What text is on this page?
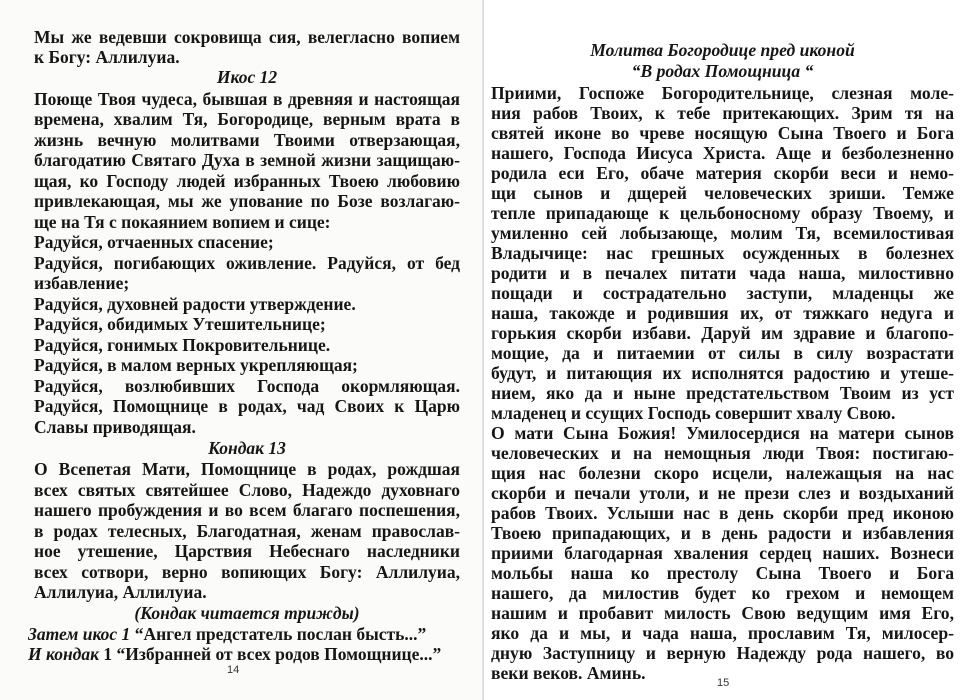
Мы же ведевши сокровища сия, велегласно вопием
к Богу: Аллилуиа.
Икос 12
Поюще Твоя чудеса, бывшая в древняя и настоящая
времена, хвалим Тя, Богородице, верным врата в
жизнь вечную молитвами Твоими отверзающая,
благодатию Святаго Духа в земной жизни защищаю-
щая, ко Господу людей избранных Твоею любовию
привлекающая, мы же упование по Бозе возлагаю-
ще на Тя с покаянием вопием и сице:
Радуйся, отчаенных спасение;
Радуйся, погибающих оживление. Радуйся, от бед
избавление;
Радуйся, духовней радости утверждение.
Радуйся, обидимых Утешительнице;
Радуйся, гонимых Покровительнице.
Радуйся, в малом верных укрепляющая;
Радуйся, возлюбивших Господа окормляющая.
Радуйся, Помощнице в родах, чад Своих к Царю
Славы приводящая.
Кондак 13
О Всепетая Мати, Помощнице в родах, рождшая
всех святых святейшее Слово, Надеждо духовнаго
нашего пробуждения и во всем благаго поспешения,
в родах телесных, Благодатная, женам православ-
ное утешение, Царствия Небеснаго наследники
всех сотвори, верно вопиющих Богу: Аллилуиа,
Аллилуиа, Аллилуиа.
(Кондак читается трижды)
Затем икос 1 “Ангел предстатель послан бысть...”
И кондак 1 “Избранней от всех родов Помощнице...”
14
Молитва Богородице пред иконой
“В родах Помощница “
Приими, Госпоже Богородительнице, слезная моле-
ния рабов Твоих, к тебе притекающих. Зрим тя на
святей иконе во чреве носящую Сына Твоего и Бога
нашего, Господа Иисуса Христа. Аще и безболезненно
родила еси Его, обаче материя скорби веси и немо-
щи сынов и дщерей человеческих зриши. Темже
тепле припадающе к цельбоносному образу Твоему, и
умиленно сей лобызающе, молим Тя, всемилостивая
Владычице: нас грешных осужденных в болезнех
родити и в печалех питати чада наша, милостивно
пощади и сострадательно заступи, младенцы же
наша, такожде и родившия их, от тяжкаго недуга и
горькия скорби избави. Даруй им здравие и благопо-
мощие, да и питаемии от силы в силу возрастати
будут, и питающия их исполнятся радостию и утеше-
нием, яко да и ныне предстательством Твоим из уст
младенец и ссущих Господь совершит хвалу Свою.
О мати Сына Божия! Умилосердися на матери сынов
человеческих и на немощныя люди Твоя: постигаю-
щия нас болезни скоро исцели, належащыя на нас
скорби и печали утоли, и не прези слез и воздыханий
рабов Твоих. Услыши нас в день скорби пред иконою
Твоею припадающих, и в день радости и избавления
приими благодарная хваления сердец наших. Вознеси
мольбы наша ко престолу Сына Твоего и Бога
нашего, да милостив будет ко грехом и немощем
нашим и пробавит милость Свою ведущим имя Его,
яко да и мы, и чада наша, прославим Тя, милосер-
дную Заступницу и верную Надежду рода нашего, во
веки веков. Аминь.	15
